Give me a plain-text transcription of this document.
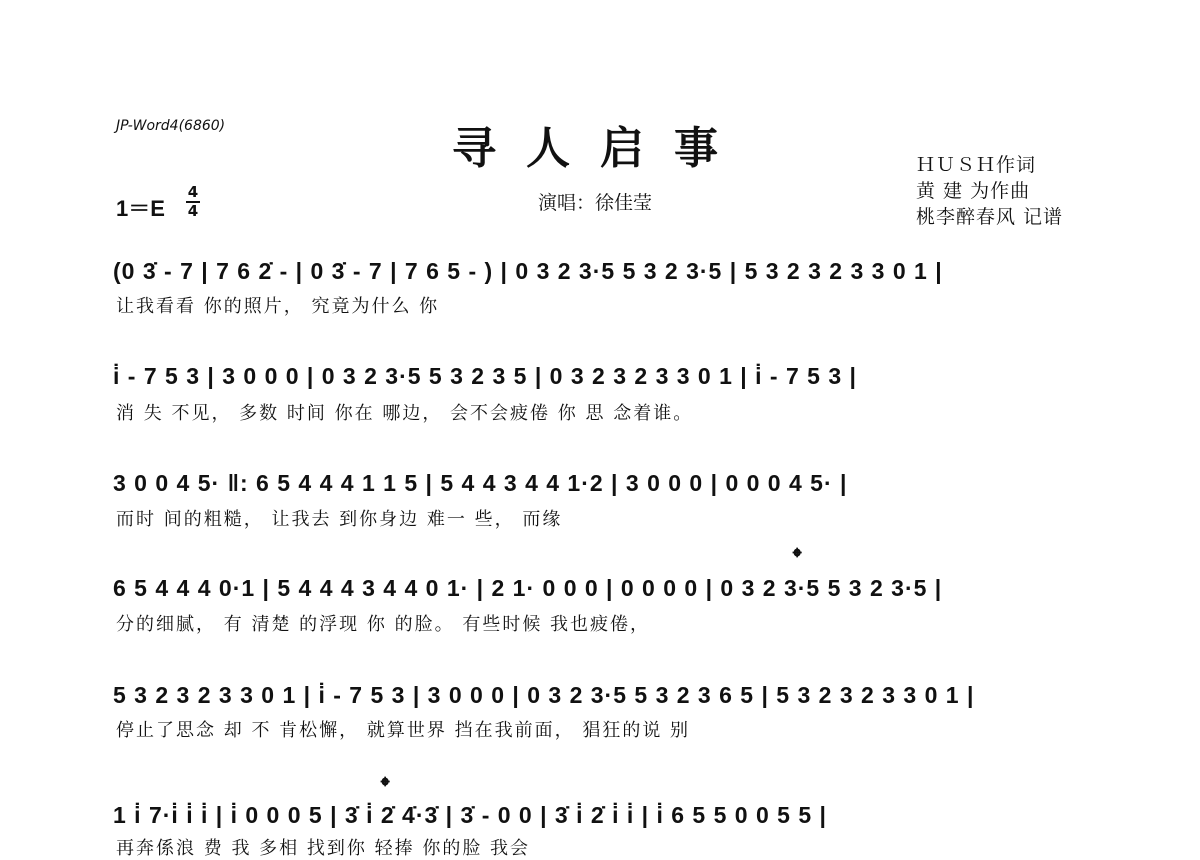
JP-Word4(6860)	寻人启事	ＨＵＳＨ作词
黄 建 为作曲
桃李醉春风 记谱
演唱：徐佳莹
1＝E
4
4
(0 3̇ - 7 | 7 6 2̇ - | 0 3̇ - 7 | 7 6 5 - ) | 0 3 2 3·5 5 3 2 3·5 | 5 3 2 3 2 3 3 0 1 |
让我看看 你的照片， 究竟为什么 你
i̇ - 7 5 3 | 3 0 0 0 | 0 3 2 3·5 5 3 2 3 5 | 0 3 2 3 2 3 3 0 1 | i̇ - 7 5 3 |
消 失 不见， 多数 时间 你在 哪边， 会不会疲倦 你 思 念着谁。
3 0 0 4 5· ‖: 6 5 4 4 4 1 1 5 | 5 4 4 3 4 4 1·2 | 3 0 0 0 | 0 0 0 4 5· |
而时 间的粗糙， 让我去 到你身边 难一 些， 而缘
𝄌
6 5 4 4 4 0·1 | 5 4 4 4 3 4 4 0 1· | 2 1· 0 0 0 | 0 0 0 0 | 0 3 2 3·5 5 3 2 3·5 |
分的细腻， 有 清楚 的浮现 你 的脸。 有些时候 我也疲倦，
5 3 2 3 2 3 3 0 1 | i̇ - 7 5 3 | 3 0 0 0 | 0 3 2 3·5 5 3 2 3 6 5 | 5 3 2 3 2 3 3 0 1 |
停止了思念 却 不 肯松懈， 就算世界 挡在我前面， 猖狂的说 别
𝄌
1 i̇ 7·i̇ i̇ i̇ | i̇ 0 0 0 5 | 3̇ i̇ 2̇ 4̇·3̇ | 3̇ - 0 0 | 3̇ i̇ 2̇ i̇ i̇ | i̇ 6 5 5 0 0 5 5 |
再奔係浪 费 我 多相 找到你 轻捧 你的脸 我会
